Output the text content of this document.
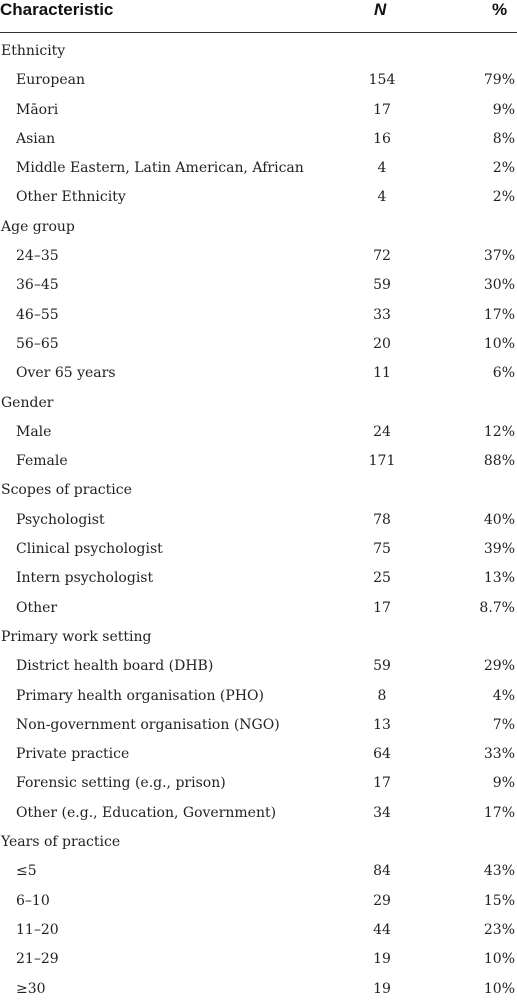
Characteristic	N	%
Ethnicity
European	154	79%
Māori	17	9%
Asian	16	8%
Middle Eastern, Latin American, African	4	2%
Other Ethnicity	4	2%
Age group
24–35	72	37%
36–45	59	30%
46–55	33	17%
56–65	20	10%
Over 65 years	11	6%
Gender
Male	24	12%
Female	171	88%
Scopes of practice
Psychologist	78	40%
Clinical psychologist	75	39%
Intern psychologist	25	13%
Other	17	8.7%
Primary work setting
District health board (DHB)	59	29%
Primary health organisation (PHO)	8	4%
Non-government organisation (NGO)	13	7%
Private practice	64	33%
Forensic setting (e.g., prison)	17	9%
Other (e.g., Education, Government)	34	17%
Years of practice
≤5	84	43%
6–10	29	15%
11–20	44	23%
21–29	19	10%
≥30	19	10%
